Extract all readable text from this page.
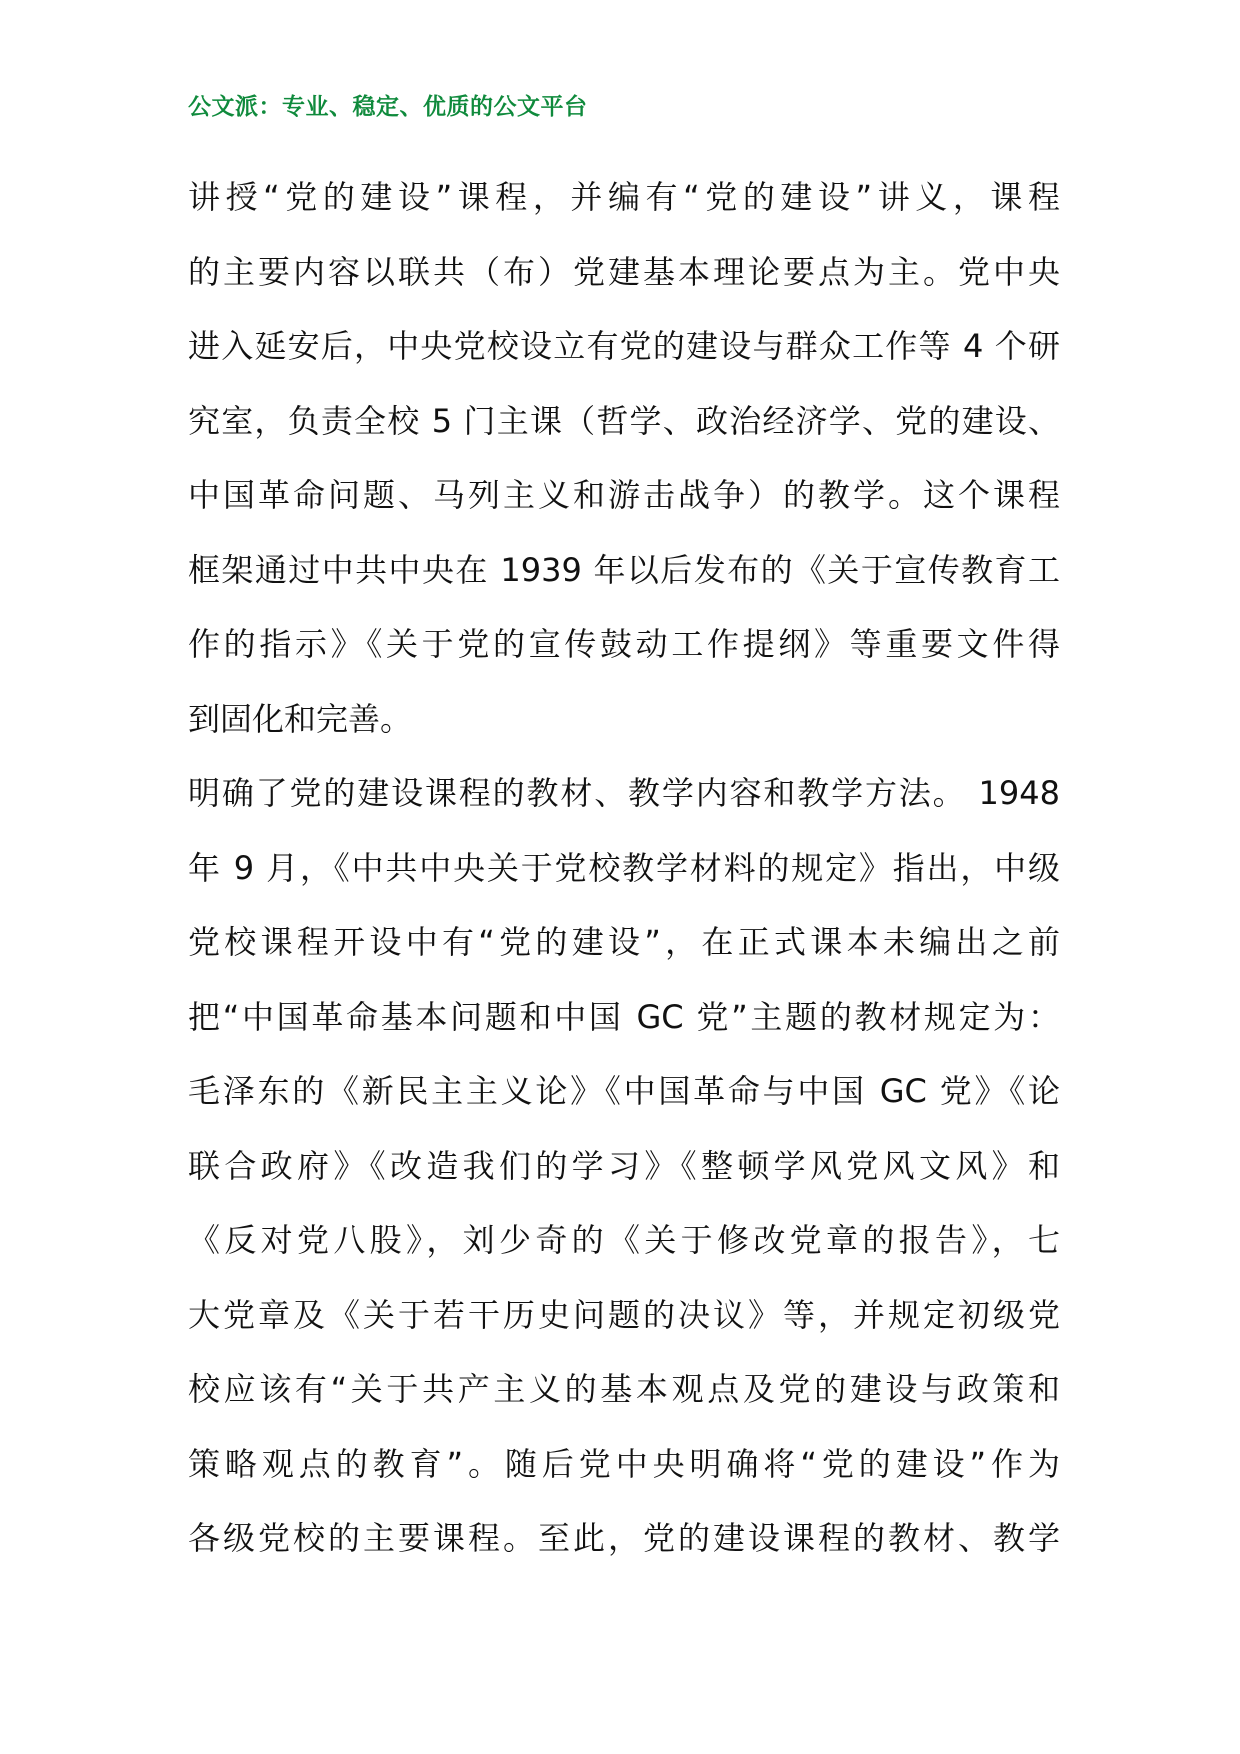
公文派：专业、稳定、优质的公文平台
讲授“党的建设”课程，并编有“党的建设”讲义，课程
的主要内容以联共（布）党建基本理论要点为主。党中央
进入延安后，中央党校设立有党的建设与群众工作等 4 个研
究室，负责全校 5 门主课（哲学、政治经济学、党的建设、
中国革命问题、马列主义和游击战争）的教学。这个课程
框架通过中共中央在 1939 年以后发布的《关于宣传教育工
作的指示》《关于党的宣传鼓动工作提纲》等重要文件得
到固化和完善。
明确了党的建设课程的教材、教学内容和教学方法。 1948
年 9 月，《中共中央关于党校教学材料的规定》指出，中级
党校课程开设中有“党的建设”，在正式课本未编出之前
把“中国革命基本问题和中国 GC 党”主题的教材规定为：
毛泽东的《新民主主义论》《中国革命与中国 GC 党》《论
联合政府》《改造我们的学习》《整顿学风党风文风》和
《反对党八股》，刘少奇的《关于修改党章的报告》，七
大党章及《关于若干历史问题的决议》等，并规定初级党
校应该有“关于共产主义的基本观点及党的建设与政策和
策略观点的教育”。随后党中央明确将“党的建设”作为
各级党校的主要课程。至此，党的建设课程的教材、教学
